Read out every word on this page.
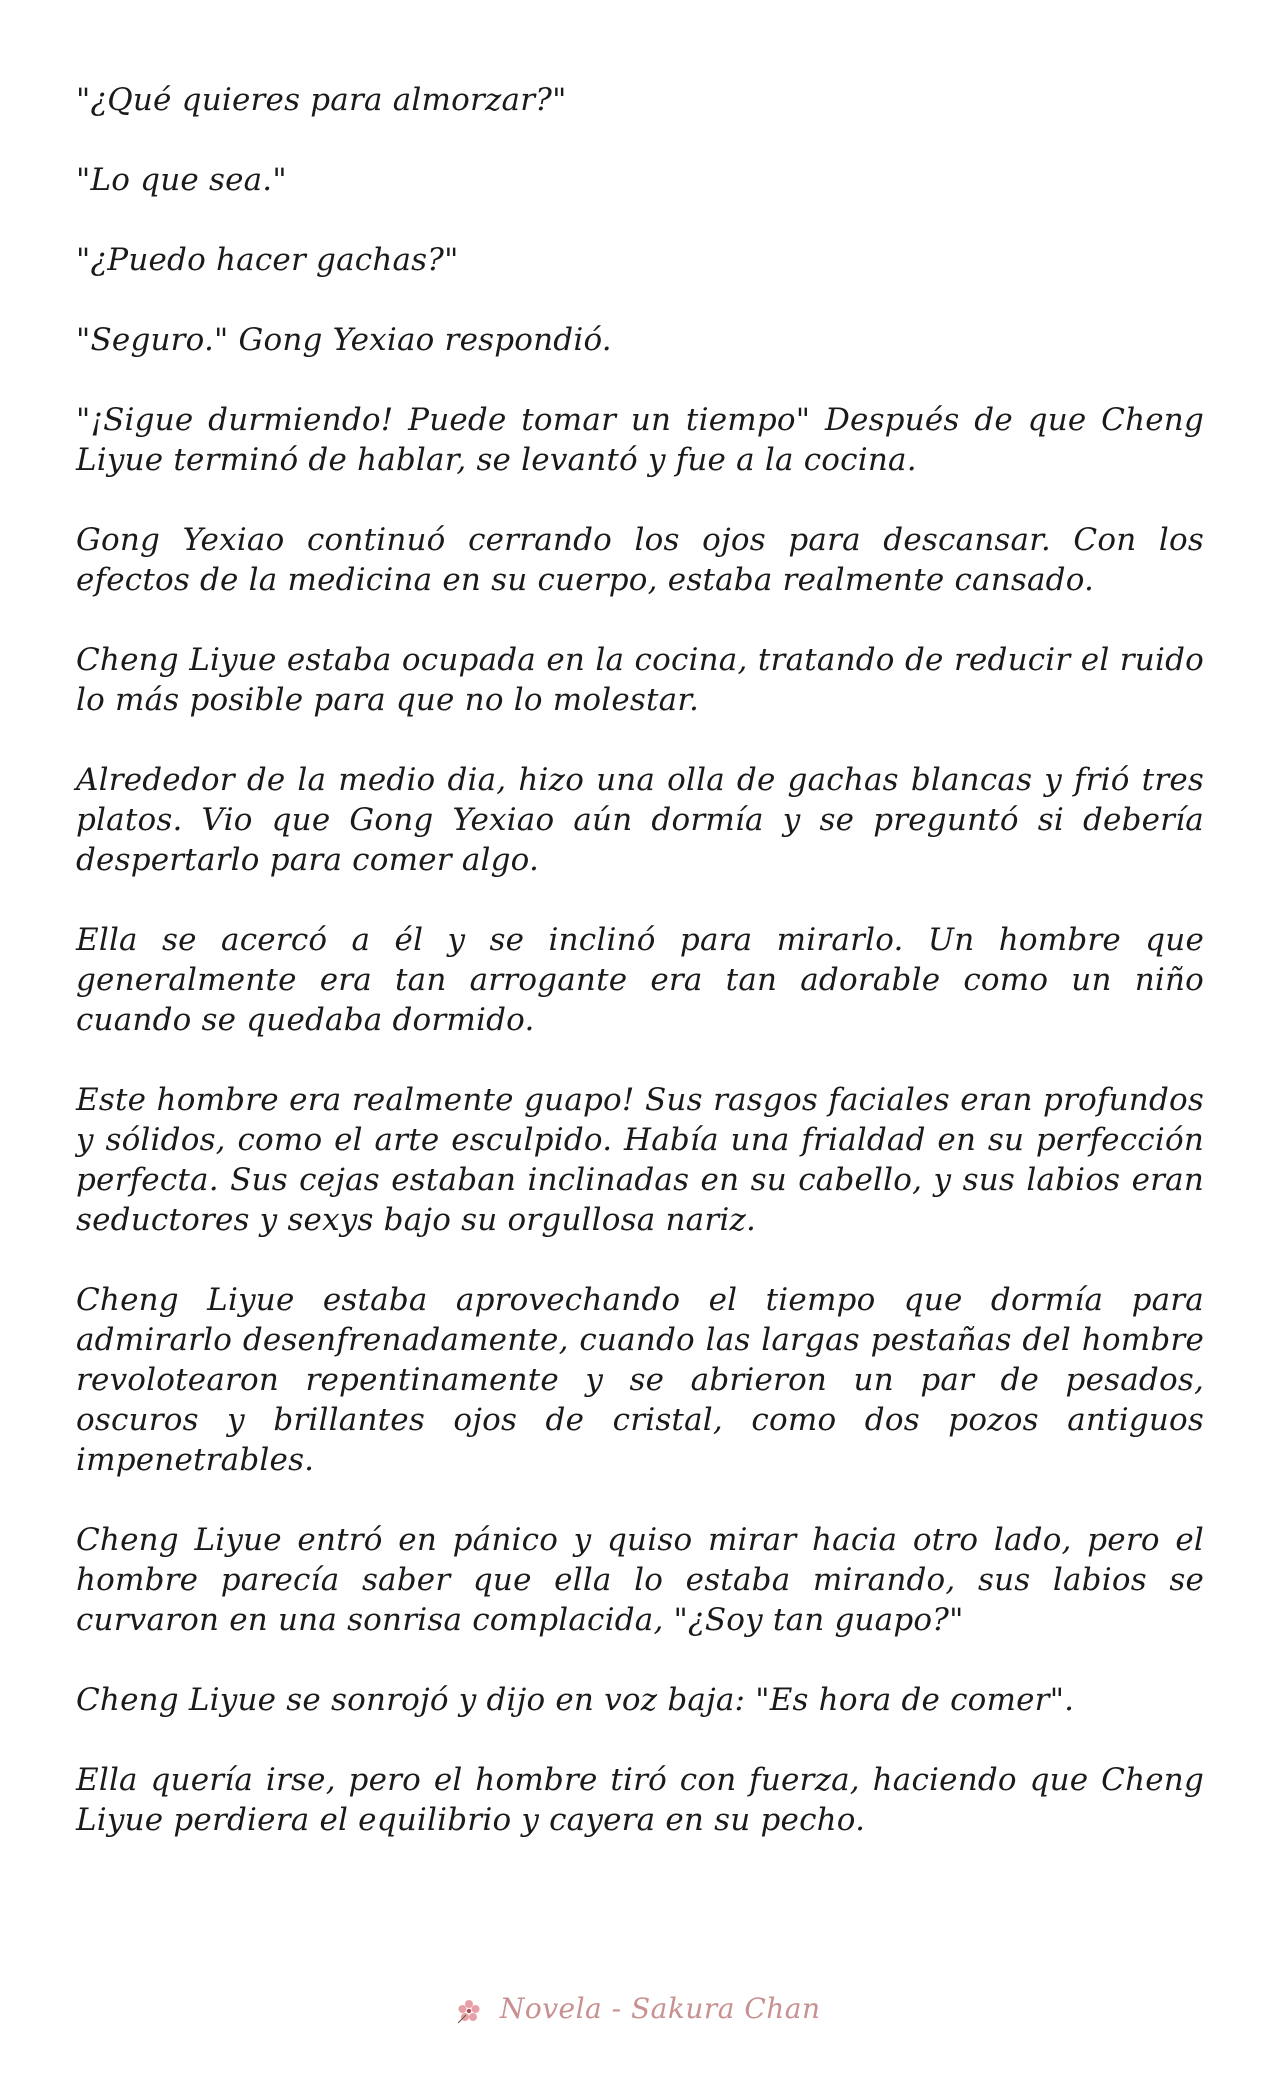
"¿Qué quieres para almorzar?"

"Lo que sea."

"¿Puedo hacer gachas?"

"Seguro." Gong Yexiao respondió.

"¡Sigue durmiendo! Puede tomar un tiempo" Después de que Cheng Liyue terminó de hablar, se levantó y fue a la cocina.

Gong Yexiao continuó cerrando los ojos para descansar. Con los efectos de la medicina en su cuerpo, estaba realmente cansado.

Cheng Liyue estaba ocupada en la cocina, tratando de reducir el ruido lo más posible para que no lo molestar.

Alrededor de la medio dia, hizo una olla de gachas blancas y frió tres platos. Vio que Gong Yexiao aún dormía y se preguntó si debería despertarlo para comer algo.

Ella se acercó a él y se inclinó para mirarlo. Un hombre que generalmente era tan arrogante era tan adorable como un niño cuando se quedaba dormido.

Este hombre era realmente guapo! Sus rasgos faciales eran profundos y sólidos, como el arte esculpido. Había una frialdad en su perfección perfecta. Sus cejas estaban inclinadas en su cabello, y sus labios eran seductores y sexys bajo su orgullosa nariz.

Cheng Liyue estaba aprovechando el tiempo que dormía para admirarlo desenfrenadamente, cuando las largas pestañas del hombre revolotearon repentinamente y se abrieron un par de pesados, oscuros y brillantes ojos de cristal, como dos pozos antiguos impenetrables.

Cheng Liyue entró en pánico y quiso mirar hacia otro lado, pero el hombre parecía saber que ella lo estaba mirando, sus labios se curvaron en una sonrisa complacida, "¿Soy tan guapo?"

Cheng Liyue se sonrojó y dijo en voz baja: "Es hora de comer".

Ella quería irse, pero el hombre tiró con fuerza, haciendo que Cheng Liyue perdiera el equilibrio y cayera en su pecho.

Novela - Sakura Chan
